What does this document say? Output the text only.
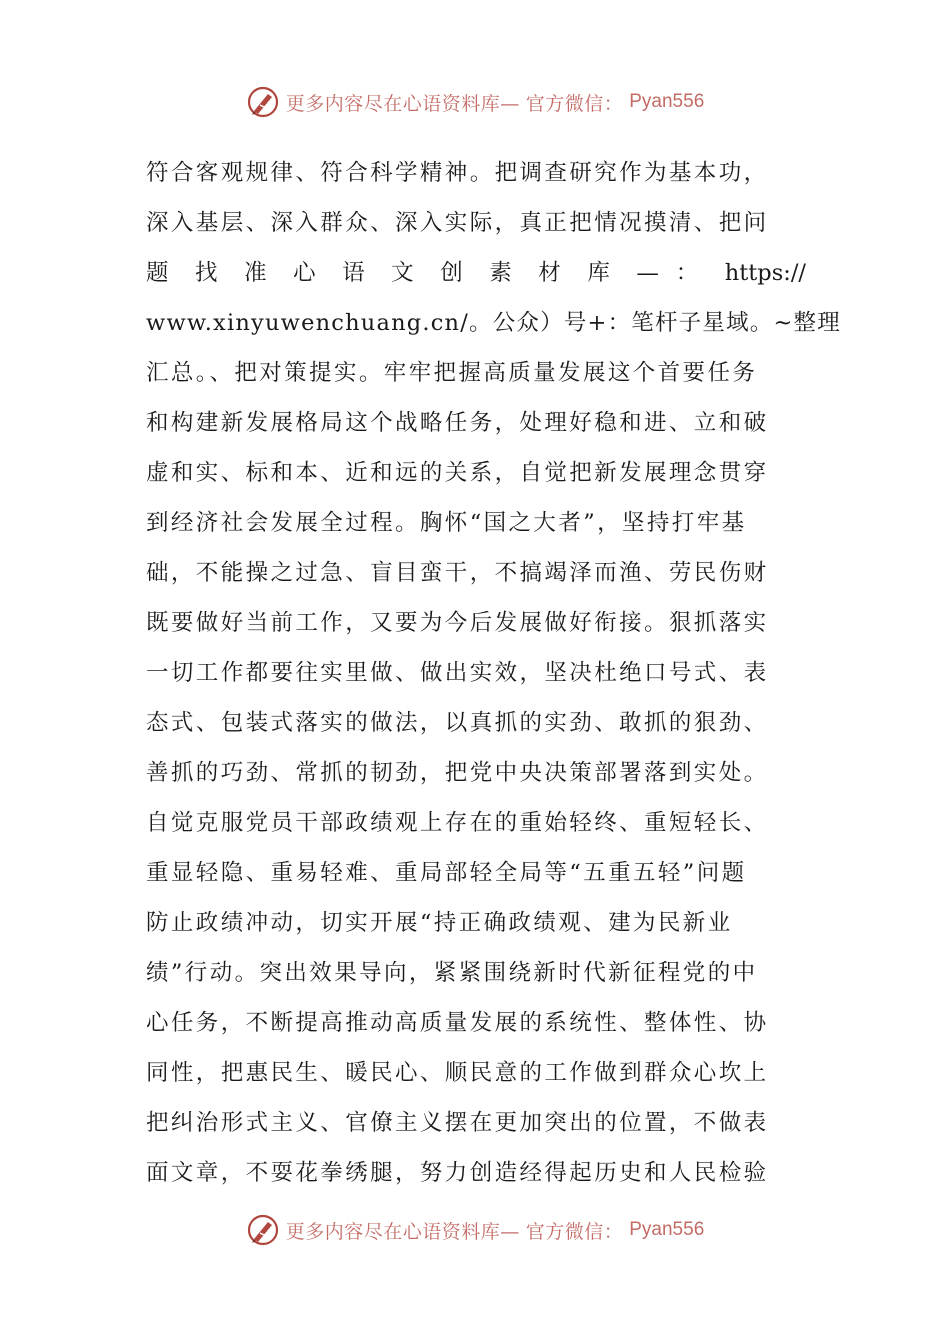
更多内容尽在心语资料库— 官方微信： Pyan556
符合客观规律、符合科学精神。把调查研究作为基本功，
深入基层、深入群众、深入实际，真正把情况摸清、把问
题 找 准 心 语 文 创 素 材 库 — ： https://
www.xinyuwenchuang.cn/。公众）号+：笔杆子星域。~整理
汇总。、把对策提实。牢牢把握高质量发展这个首要任务
和构建新发展格局这个战略任务，处理好稳和进、立和破
虚和实、标和本、近和远的关系，自觉把新发展理念贯穿
到经济社会发展全过程。胸怀“国之大者”，坚持打牢基
础，不能操之过急、盲目蛮干，不搞竭泽而渔、劳民伤财
既要做好当前工作，又要为今后发展做好衔接。狠抓落实
一切工作都要往实里做、做出实效，坚决杜绝口号式、表
态式、包装式落实的做法，以真抓的实劲、敢抓的狠劲、
善抓的巧劲、常抓的韧劲，把党中央决策部署落到实处。
自觉克服党员干部政绩观上存在的重始轻终、重短轻长、
重显轻隐、重易轻难、重局部轻全局等“五重五轻”问题
防止政绩冲动，切实开展“持正确政绩观、建为民新业
绩”行动。突出效果导向，紧紧围绕新时代新征程党的中
心任务，不断提高推动高质量发展的系统性、整体性、协
同性，把惠民生、暖民心、顺民意的工作做到群众心坎上
把纠治形式主义、官僚主义摆在更加突出的位置，不做表
面文章，不耍花拳绣腿，努力创造经得起历史和人民检验
更多内容尽在心语资料库— 官方微信： Pyan556
